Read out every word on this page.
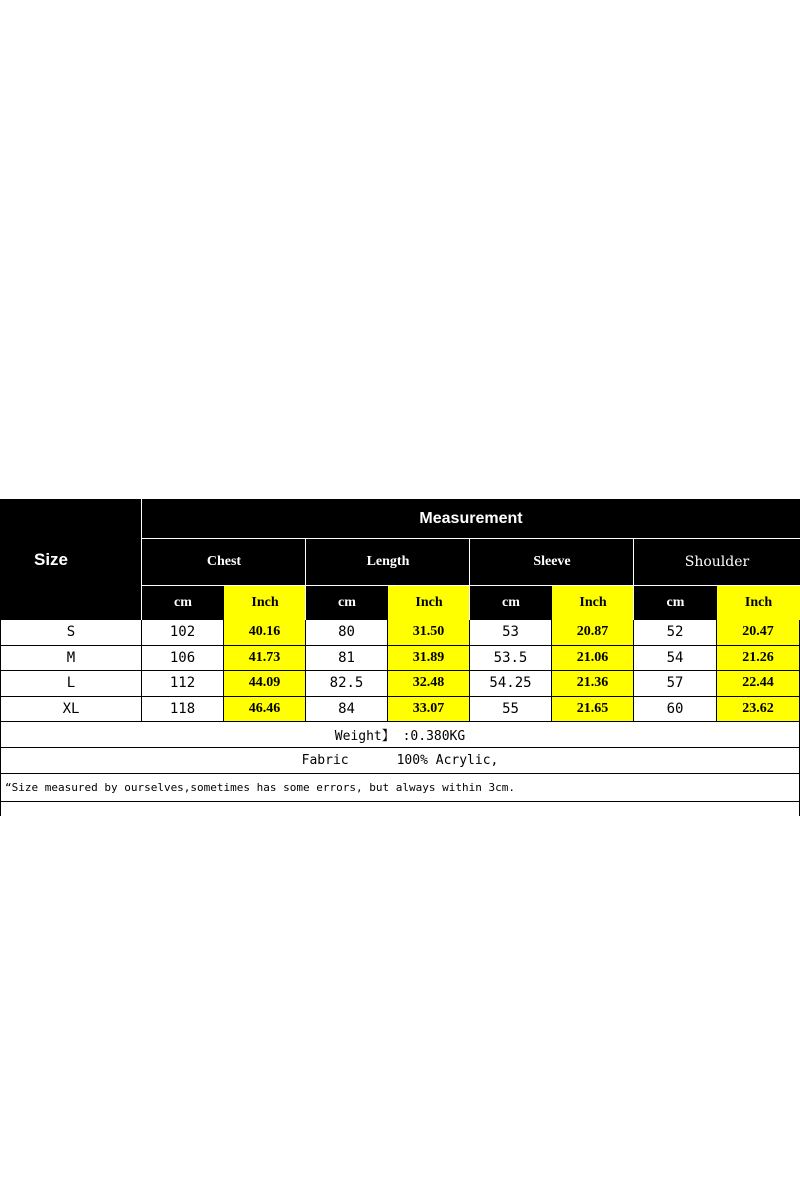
Size
Measurement
Chest	Length	Sleeve	Shoulder
cm	Inch	cm	Inch	cm	Inch	cm	Inch
S	102	40.16	80	31.50	53	20.87	52	20.47
M	106	41.73	81	31.89	53.5	21.06	54	21.26
L	112	44.09	82.5	32.48	54.25	21.36	57	22.44
XL	118	46.46	84	33.07	55	21.65	60	23.62
Weight】 :0.380KG
Fabric	100% Acrylic,
“Size measured by ourselves,sometimes has some errors, but always within 3cm.
